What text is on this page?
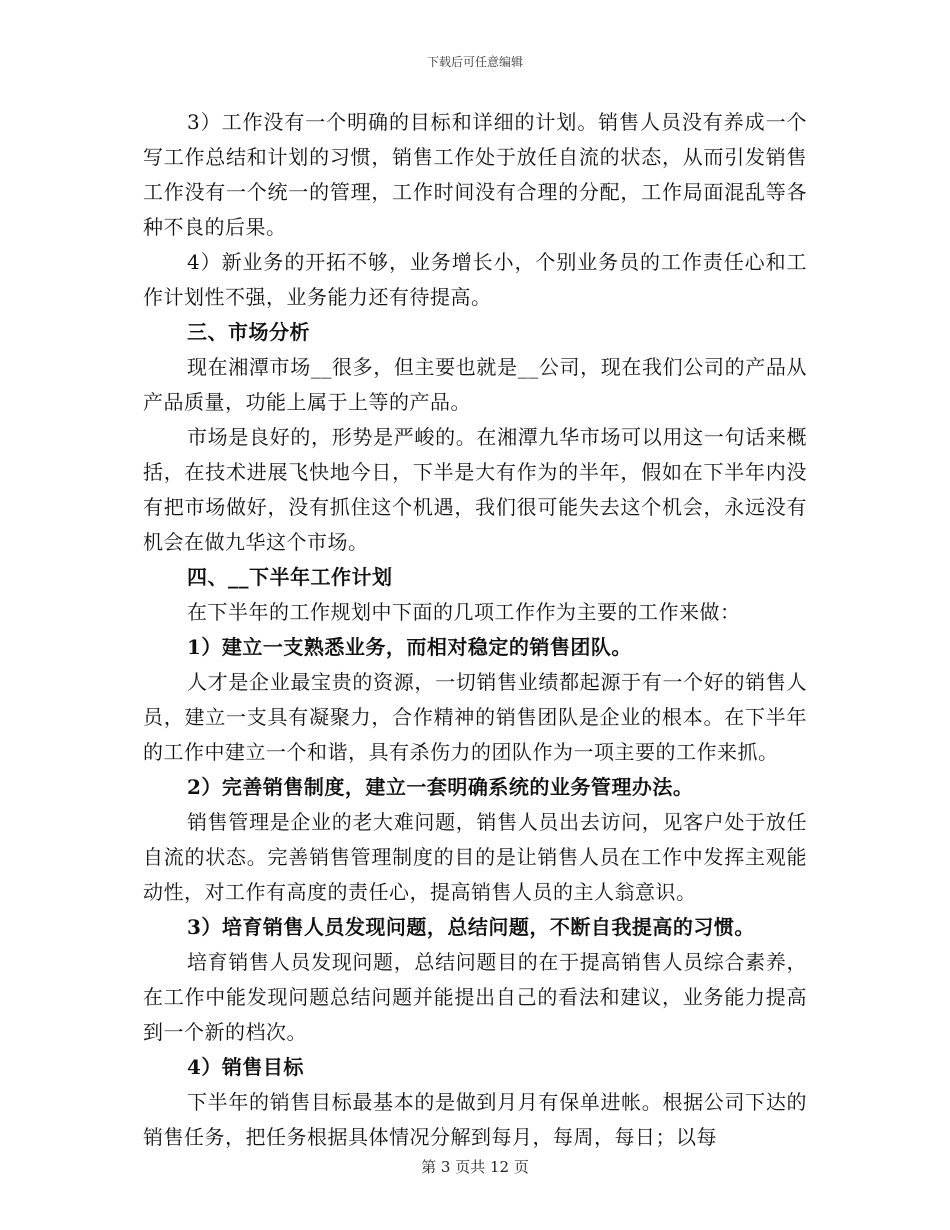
下载后可任意编辑

3）工作没有一个明确的目标和详细的计划。销售人员没有养成一个写工作总结和计划的习惯，销售工作处于放任自流的状态，从而引发销售工作没有一个统一的管理，工作时间没有合理的分配，工作局面混乱等各种不良的后果。

4）新业务的开拓不够，业务增长小，个别业务员的工作责任心和工作计划性不强，业务能力还有待提高。

三、市场分析

现在湘潭市场__很多，但主要也就是__公司，现在我们公司的产品从产品质量，功能上属于上等的产品。

市场是良好的，形势是严峻的。在湘潭九华市场可以用这一句话来概括，在技术进展飞快地今日，下半是大有作为的半年，假如在下半年内没有把市场做好，没有抓住这个机遇，我们很可能失去这个机会，永远没有机会在做九华这个市场。

四、__下半年工作计划

在下半年的工作规划中下面的几项工作作为主要的工作来做：

1）建立一支熟悉业务，而相对稳定的销售团队。

人才是企业最宝贵的资源，一切销售业绩都起源于有一个好的销售人员，建立一支具有凝聚力，合作精神的销售团队是企业的根本。在下半年的工作中建立一个和谐，具有杀伤力的团队作为一项主要的工作来抓。

2）完善销售制度，建立一套明确系统的业务管理办法。

销售管理是企业的老大难问题，销售人员出去访问，见客户处于放任自流的状态。完善销售管理制度的目的是让销售人员在工作中发挥主观能动性，对工作有高度的责任心，提高销售人员的主人翁意识。

3）培育销售人员发现问题，总结问题，不断自我提高的习惯。

培育销售人员发现问题，总结问题目的在于提高销售人员综合素养，在工作中能发现问题总结问题并能提出自己的看法和建议，业务能力提高到一个新的档次。

4）销售目标

下半年的销售目标最基本的是做到月月有保单进帐。根据公司下达的销售任务，把任务根据具体情况分解到每月，每周，每日；以每

第 3 页共 12 页
